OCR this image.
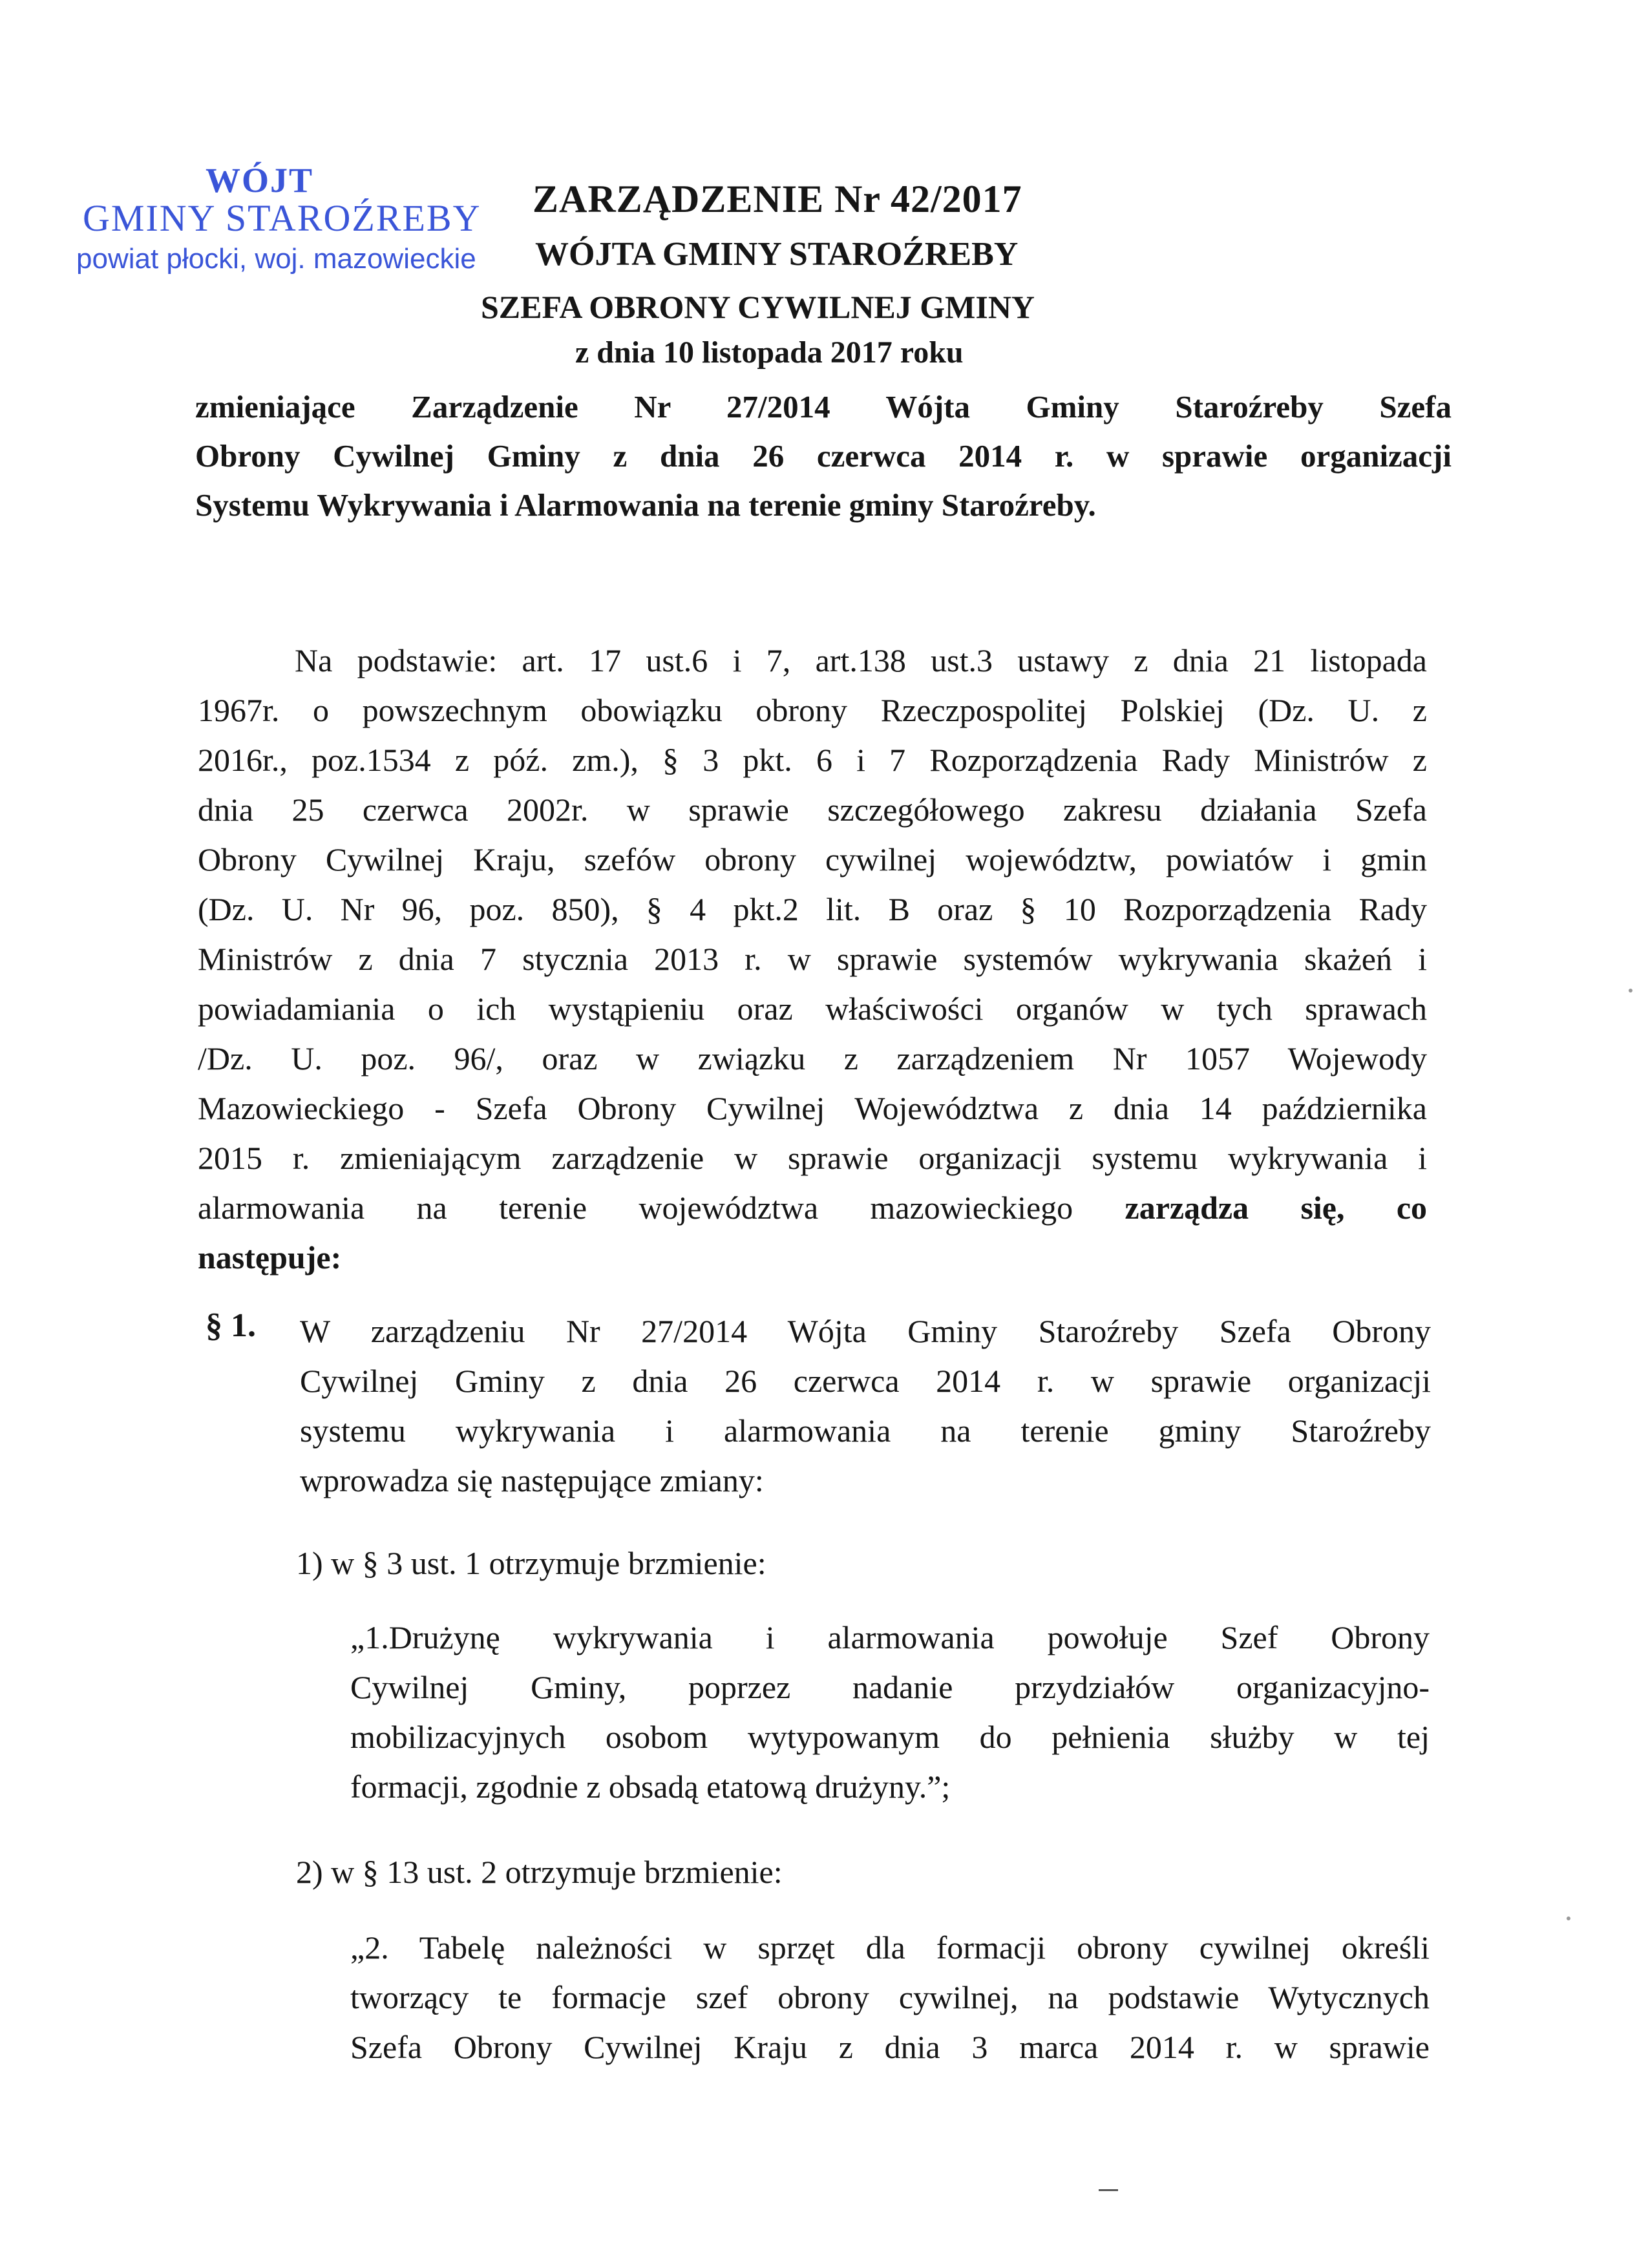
WÓJT
GMINY STAROŹREBY
powiat płocki, woj. mazowieckie
ZARZĄDZENIE Nr 42/2017
WÓJTA GMINY STAROŹREBY
SZEFA OBRONY CYWILNEJ GMINY
z dnia 10 listopada 2017 roku
zmieniające Zarządzenie Nr 27/2014 Wójta Gminy Staroźreby Szefa
Obrony Cywilnej Gminy z dnia 26 czerwca 2014 r. w sprawie organizacji
Systemu Wykrywania i Alarmowania na terenie gminy Staroźreby.
Na podstawie: art. 17 ust.6 i 7, art.138 ust.3 ustawy z dnia 21 listopada
1967r. o powszechnym obowiązku obrony Rzeczpospolitej Polskiej (Dz. U. z
2016r., poz.1534 z póź. zm.), § 3 pkt. 6 i 7 Rozporządzenia Rady Ministrów z
dnia 25 czerwca 2002r. w sprawie szczegółowego zakresu działania Szefa
Obrony Cywilnej Kraju, szefów obrony cywilnej województw, powiatów i gmin
(Dz. U. Nr 96, poz. 850), § 4 pkt.2 lit. B oraz § 10 Rozporządzenia Rady
Ministrów z dnia 7 stycznia 2013 r. w sprawie systemów wykrywania skażeń i
powiadamiania o ich wystąpieniu oraz właściwości organów w tych sprawach
/Dz. U. poz. 96/, oraz w związku z zarządzeniem Nr 1057 Wojewody
Mazowieckiego - Szefa Obrony Cywilnej Województwa z dnia 14 października
2015 r. zmieniającym zarządzenie w sprawie organizacji systemu wykrywania i
alarmowania na terenie województwa mazowieckiego zarządza się, co
następuje:
§ 1. W zarządzeniu Nr 27/2014 Wójta Gminy Staroźreby Szefa Obrony
Cywilnej Gminy z dnia 26 czerwca 2014 r. w sprawie organizacji
systemu wykrywania i alarmowania na terenie gminy Staroźreby
wprowadza się następujące zmiany:
1) w § 3 ust. 1 otrzymuje brzmienie:
„1.Drużynę wykrywania i alarmowania powołuje Szef Obrony
Cywilnej Gminy, poprzez nadanie przydziałów organizacyjno-
mobilizacyjnych osobom wytypowanym do pełnienia służby w tej
formacji, zgodnie z obsadą etatową drużyny.”;
2) w § 13 ust. 2 otrzymuje brzmienie:
„2. Tabelę należności w sprzęt dla formacji obrony cywilnej określi
tworzący te formacje szef obrony cywilnej, na podstawie Wytycznych
Szefa Obrony Cywilnej Kraju z dnia 3 marca 2014 r. w sprawie
